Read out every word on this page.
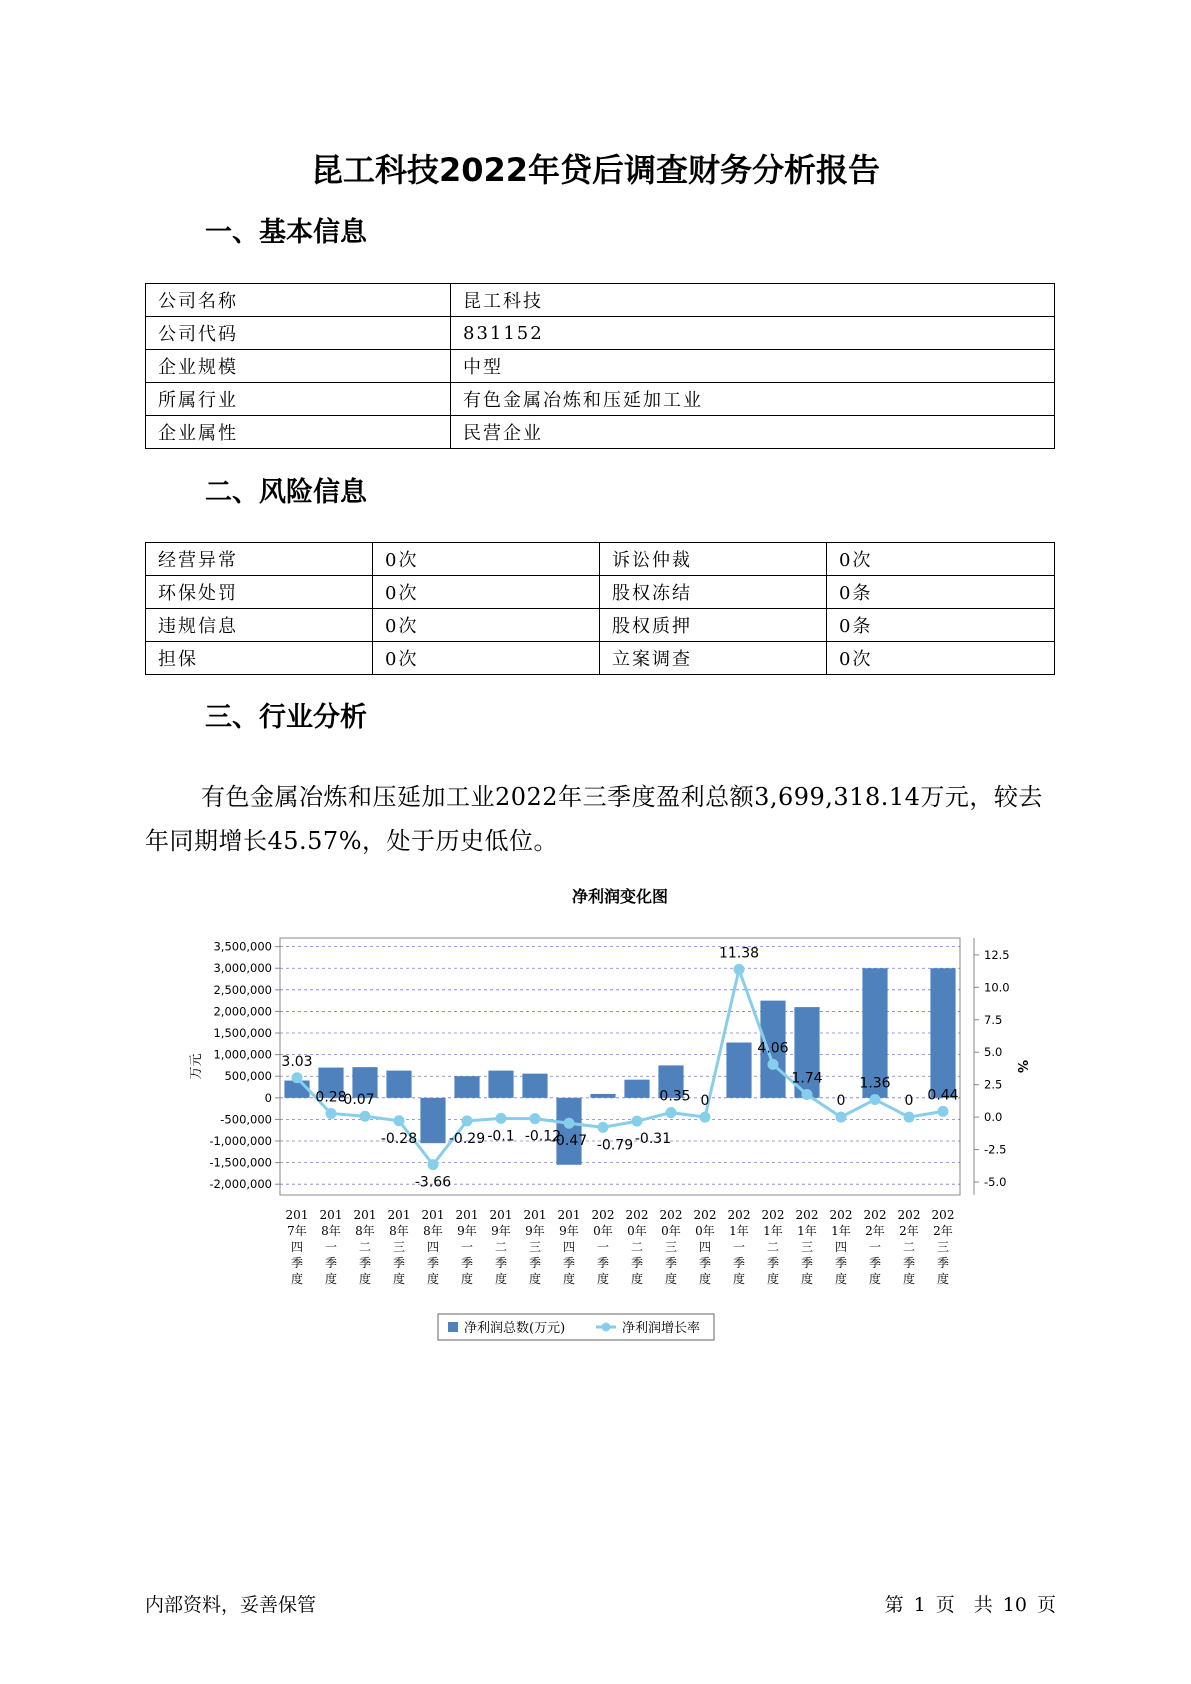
昆工科技2022年贷后调查财务分析报告
一、基本信息
公司名称	昆工科技
公司代码	831152
企业规模	中型
所属行业	有色金属冶炼和压延加工业
企业属性	民营企业
二、风险信息
经营异常	0次	诉讼仲裁	0次
环保处罚	0次	股权冻结	0条
违规信息	0次	股权质押	0条
担保	0次	立案调查	0次
三、行业分析
有色金属冶炼和压延加工业2022年三季度盈利总额3,699,318.14万元，较去年同期增长45.57%，处于历史低位。
净利润变化图
3,500,000
3,000,000
2,500,000
2,000,000
1,500,000
1,000,000
500,000
0
-500,000
-1,000,000
-1,500,000
-2,000,000
12.5
10.0
7.5
5.0
2.5
0.0
-2.5
-5.0
万元	%
3.03
0.28
0.07
-0.28
-3.66
-0.29 -0.1 -0.12
-0.47 -0.79 -0.31
0.35 0
11.38
4.06
1.74
0
1.36
0 0.44
201
7年
四
季
度
201
8年
一
季
度
201
8年
二
季
度
201
8年
三
季
度
201
8年
四
季
度
201
9年
一
季
度
201
9年
二
季
度
201
9年
三
季
度
201
9年
四
季
度
202
0年
一
季
度
202
0年
二
季
度
202
0年
三
季
度
202
0年
四
季
度
202
1年
一
季
度
202
1年
二
季
度
202
1年
三
季
度
202
1年
四
季
度
202
2年
一
季
度
202
2年
二
季
度
202
2年
三
季
度
净利润总数(万元)	净利润增长率
内部资料，妥善保管	第 1 页　共 10 页
